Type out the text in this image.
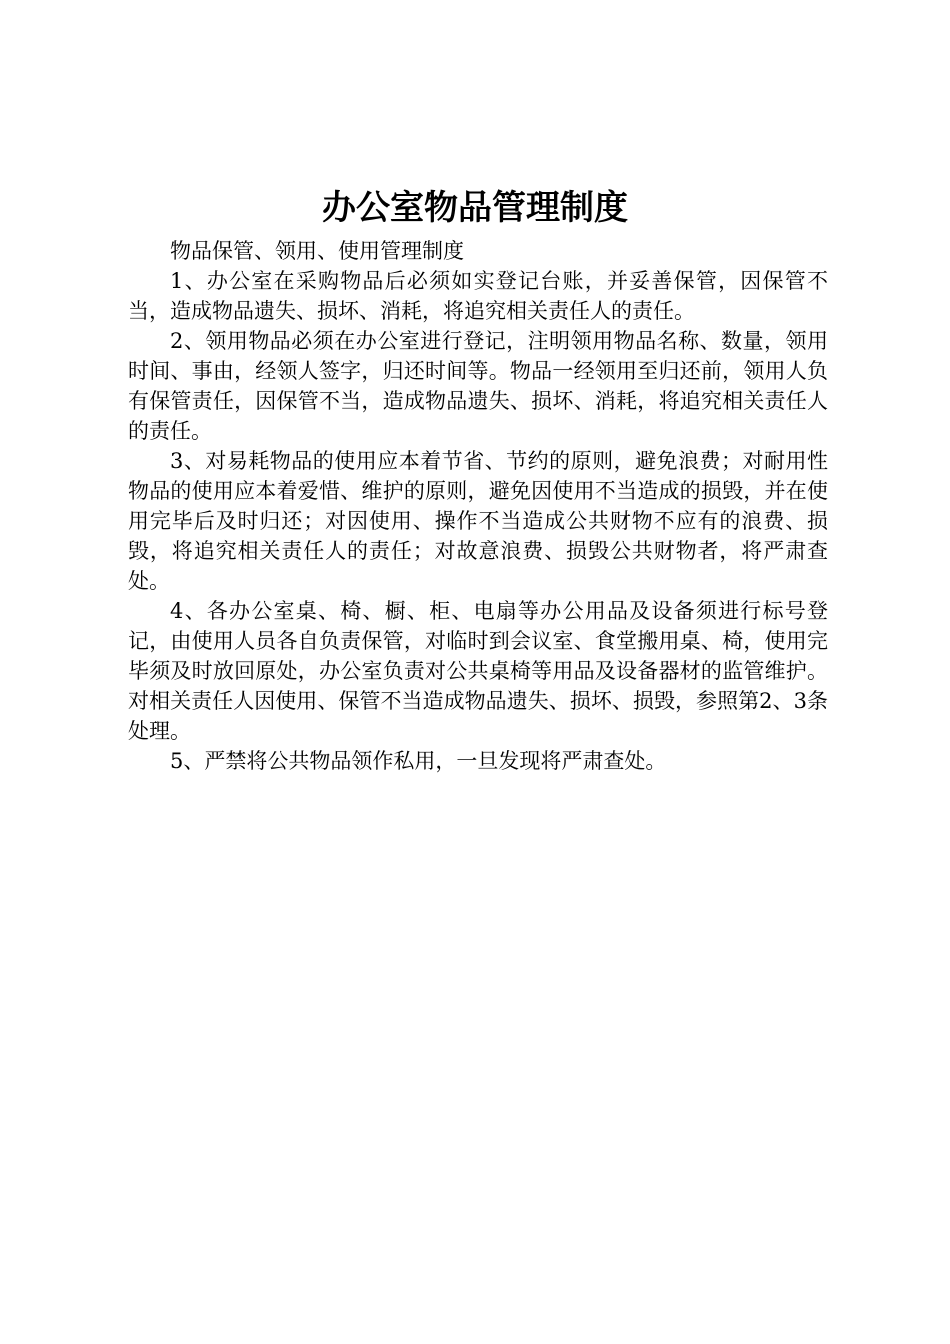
办公室物品管理制度

物品保管、领用、使用管理制度

1、办公室在采购物品后必须如实登记台账，并妥善保管，因保管不当，造成物品遗失、损坏、消耗，将追究相关责任人的责任。

2、领用物品必须在办公室进行登记，注明领用物品名称、数量，领用时间、事由，经领人签字，归还时间等。物品一经领用至归还前，领用人负有保管责任，因保管不当，造成物品遗失、损坏、消耗，将追究相关责任人的责任。

3、对易耗物品的使用应本着节省、节约的原则，避免浪费；对耐用性物品的使用应本着爱惜、维护的原则，避免因使用不当造成的损毁，并在使用完毕后及时归还；对因使用、操作不当造成公共财物不应有的浪费、损毁，将追究相关责任人的责任；对故意浪费、损毁公共财物者，将严肃查处。

4、各办公室桌、椅、橱、柜、电扇等办公用品及设备须进行标号登记，由使用人员各自负责保管，对临时到会议室、食堂搬用桌、椅，使用完毕须及时放回原处，办公室负责对公共桌椅等用品及设备器材的监管维护。对相关责任人因使用、保管不当造成物品遗失、损坏、损毁，参照第2、3条处理。

5、严禁将公共物品领作私用，一旦发现将严肃查处。
